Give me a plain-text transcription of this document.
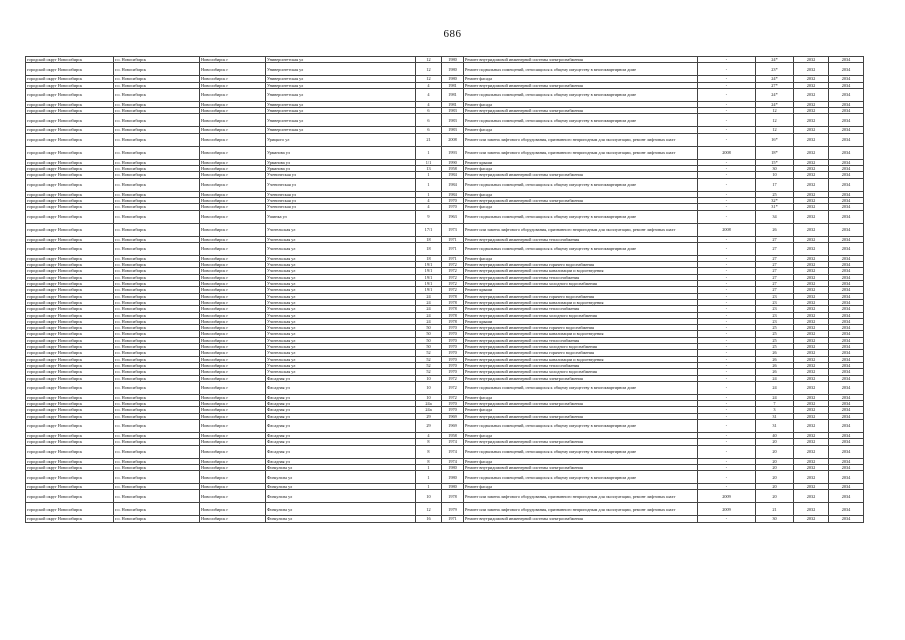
686
городской округ Новосибирск	г.о. Новосибирск	Новосибирск г	Университетская ул	12	1980	Ремонт внутридомовой инженерной системы электроснабжения	-	24*	2032	2034
городской округ Новосибирск	г.о. Новосибирск	Новосибирск г	Университетская ул	12	1980	Ремонт подвальных помещений, относящихся к общему имуществу в многоквартирном доме	-	23*	2032	2034
городской округ Новосибирск	г.о. Новосибирск	Новосибирск г	Университетская ул	12	1980	Ремонт фасада	-	24*	2032	2034
городской округ Новосибирск	г.о. Новосибирск	Новосибирск г	Университетская ул	4	1981	Ремонт внутридомовой инженерной системы электроснабжения	-	27*	2032	2034
городской округ Новосибирск	г.о. Новосибирск	Новосибирск г	Университетская ул	4	1981	Ремонт подвальных помещений, относящихся к общему имуществу в многоквартирном доме	-	24*	2032	2034
городской округ Новосибирск	г.о. Новосибирск	Новосибирск г	Университетская ул	4	1981	Ремонт фасада	-	24*	2032	2034
городской округ Новосибирск	г.о. Новосибирск	Новосибирск г	Университетская ул	6	1983	Ремонт внутридомовой инженерной системы электроснабжения	-	12	2032	2034
городской округ Новосибирск	г.о. Новосибирск	Новосибирск г	Университетская ул	6	1983	Ремонт подвальных помещений, относящихся к общему имуществу в многоквартирном доме	-	12	2032	2034
городской округ Новосибирск	г.о. Новосибирск	Новосибирск г	Университетская ул	6	1983	Ремонт фасада	-	12	2032	2034
городской округ Новосибирск	г.о. Новосибирск	Новосибирск г	Урицкого ул	21	2008	Ремонт или замена лифтового оборудования, признанного непригодным для эксплуатации, ремонт лифтовых шахт	-	16*	2032	2034
городской округ Новосибирск	г.о. Новосибирск	Новосибирск г	Урманова ул	1	1993	Ремонт или замена лифтового оборудования, признанного непригодным для эксплуатации, ремонт лифтовых шахт	2008	18*	2032	2034
городской округ Новосибирск	г.о. Новосибирск	Новосибирск г	Урманова ул	1/1	1990	Ремонт крыши	-	15*	2032	2034
городской округ Новосибирск	г.о. Новосибирск	Новосибирск г	Урманова ул	13	1958	Ремонт фасада	-	30	2032	2034
городской округ Новосибирск	г.о. Новосибирск	Новосибирск г	Ученическая ул	1	1984	Ремонт внутридомовой инженерной системы электроснабжения	-	10	2032	2034
городской округ Новосибирск	г.о. Новосибирск	Новосибирск г	Ученическая ул	1	1984	Ремонт подвальных помещений, относящихся к общему имуществу в многоквартирном доме	-	17	2032	2034
городской округ Новосибирск	г.о. Новосибирск	Новосибирск г	Ученическая ул	1	1984	Ремонт фасада	-	25	2032	2034
городской округ Новосибирск	г.о. Новосибирск	Новосибирск г	Ученическая ул	4	1970	Ремонт внутридомовой инженерной системы электроснабжения	-	32*	2032	2034
городской округ Новосибирск	г.о. Новосибирск	Новосибирск г	Ученическая ул	4	1970	Ремонт фасада	-	31*	2032	2034
городской округ Новосибирск	г.о. Новосибирск	Новосибирск г	Ушинка ул	9	1963	Ремонт подвальных помещений, относящихся к общему имуществу в многоквартирном доме	-	34	2032	2034
городской округ Новосибирск	г.о. Новосибирск	Новосибирск г	Учительская ул	17/1	1973	Ремонт или замена лифтового оборудования, признанного непригодным для эксплуатации, ремонт лифтовых шахт	2008	26	2032	2034
городской округ Новосибирск	г.о. Новосибирск	Новосибирск г	Учительская ул	18	1971	Ремонт внутридомовой инженерной системы теплоснабжения	-	27	2032	2034
городской округ Новосибирск	г.о. Новосибирск	Новосибирск г	Учительская ул	18	1971	Ремонт подвальных помещений, относящихся к общему имуществу в многоквартирном доме	-	27	2032	2034
городской округ Новосибирск	г.о. Новосибирск	Новосибирск г	Учительская ул	18	1971	Ремонт фасада	-	27	2032	2034
городской округ Новосибирск	г.о. Новосибирск	Новосибирск г	Учительская ул	19/1	1972	Ремонт внутридомовой инженерной системы горячего водоснабжения	-	27	2032	2034
городской округ Новосибирск	г.о. Новосибирск	Новосибирск г	Учительская ул	19/1	1972	Ремонт внутридомовой инженерной системы канализации и водоотведения	-	27	2032	2034
городской округ Новосибирск	г.о. Новосибирск	Новосибирск г	Учительская ул	19/1	1972	Ремонт внутридомовой инженерной системы теплоснабжения	-	27	2032	2034
городской округ Новосибирск	г.о. Новосибирск	Новосибирск г	Учительская ул	19/1	1972	Ремонт внутридомовой инженерной системы холодного водоснабжения	-	27	2032	2034
городской округ Новосибирск	г.о. Новосибирск	Новосибирск г	Учительская ул	19/1	1972	Ремонт крыши	-	27	2032	2034
городской округ Новосибирск	г.о. Новосибирск	Новосибирск г	Учительская ул	24	1978	Ремонт внутридомовой инженерной системы горячего водоснабжения	-	23	2032	2034
городской округ Новосибирск	г.о. Новосибирск	Новосибирск г	Учительская ул	24	1978	Ремонт внутридомовой инженерной системы канализации и водоотведения	-	23	2032	2034
городской округ Новосибирск	г.о. Новосибирск	Новосибирск г	Учительская ул	24	1978	Ремонт внутридомовой инженерной системы теплоснабжения	-	23	2032	2034
городской округ Новосибирск	г.о. Новосибирск	Новосибирск г	Учительская ул	24	1978	Ремонт внутридомовой инженерной системы холодного водоснабжения	-	23	2032	2034
городской округ Новосибирск	г.о. Новосибирск	Новосибирск г	Учительская ул	24	1978	Ремонт крыши	-	23	2032	2034
городской округ Новосибирск	г.о. Новосибирск	Новосибирск г	Учительская ул	50	1970	Ремонт внутридомовой инженерной системы горячего водоснабжения	-	25	2032	2034
городской округ Новосибирск	г.о. Новосибирск	Новосибирск г	Учительская ул	50	1970	Ремонт внутридомовой инженерной системы канализации и водоотведения	-	25	2032	2034
городской округ Новосибирск	г.о. Новосибирск	Новосибирск г	Учительская ул	50	1970	Ремонт внутридомовой инженерной системы теплоснабжения	-	25	2032	2034
городской округ Новосибирск	г.о. Новосибирск	Новосибирск г	Учительская ул	50	1970	Ремонт внутридомовой инженерной системы холодного водоснабжения	-	25	2032	2034
городской округ Новосибирск	г.о. Новосибирск	Новосибирск г	Учительская ул	52	1970	Ремонт внутридомовой инженерной системы горячего водоснабжения	-	26	2032	2034
городской округ Новосибирск	г.о. Новосибирск	Новосибирск г	Учительская ул	52	1970	Ремонт внутридомовой инженерной системы канализации и водоотведения	-	26	2032	2034
городской округ Новосибирск	г.о. Новосибирск	Новосибирск г	Учительская ул	52	1970	Ремонт внутридомовой инженерной системы теплоснабжения	-	26	2032	2034
городской округ Новосибирск	г.о. Новосибирск	Новосибирск г	Учительская ул	52	1970	Ремонт внутридомовой инженерной системы холодного водоснабжения	-	26	2032	2034
городской округ Новосибирск	г.о. Новосибирск	Новосибирск г	Фасадная ул	10	1972	Ремонт внутридомовой инженерной системы электроснабжения	-	24	2032	2034
городской округ Новосибирск	г.о. Новосибирск	Новосибирск г	Фасадная ул	10	1972	Ремонт подвальных помещений, относящихся к общему имуществу в многоквартирном доме	-	24	2032	2034
городской округ Новосибирск	г.о. Новосибирск	Новосибирск г	Фасадная ул	10	1972	Ремонт фасада	-	24	2032	2034
городской округ Новосибирск	г.о. Новосибирск	Новосибирск г	Фасадная ул	24а	1970	Ремонт внутридомовой инженерной системы электроснабжения	-	7	2032	2034
городской округ Новосибирск	г.о. Новосибирск	Новосибирск г	Фасадная ул	24а	1970	Ремонт фасада	-	3	2032	2034
городской округ Новосибирск	г.о. Новосибирск	Новосибирск г	Фасадная ул	29	1969	Ремонт внутридомовой инженерной системы электроснабжения	-	31	2032	2034
городской округ Новосибирск	г.о. Новосибирск	Новосибирск г	Фасадная ул	29	1969	Ремонт подвальных помещений, относящихся к общему имуществу в многоквартирном доме	-	31	2032	2034
городской округ Новосибирск	г.о. Новосибирск	Новосибирск г	Фасадная ул	4	1958	Ремонт фасада	-	40	2032	2034
городской округ Новосибирск	г.о. Новосибирск	Новосибирск г	Фасадная ул	8	1974	Ремонт внутридомовой инженерной системы электроснабжения	-	20	2032	2034
городской округ Новосибирск	г.о. Новосибирск	Новосибирск г	Фасадная ул	8	1974	Ремонт подвальных помещений, относящихся к общему имуществу в многоквартирном доме	-	20	2032	2034
городской округ Новосибирск	г.о. Новосибирск	Новосибирск г	Фасадная ул	8	1974	Ремонт фасада	-	20	2032	2034
городской округ Новосибирск	г.о. Новосибирск	Новосибирск г	Физкульты ул	1	1980	Ремонт внутридомовой инженерной системы электроснабжения	-	20	2032	2034
городской округ Новосибирск	г.о. Новосибирск	Новосибирск г	Физкульты ул	1	1980	Ремонт подвальных помещений, относящихся к общему имуществу в многоквартирном доме	-	20	2032	2034
городской округ Новосибирск	г.о. Новосибирск	Новосибирск г	Физкульты ул	1	1980	Ремонт фасада	-	20	2032	2034
городской округ Новосибирск	г.о. Новосибирск	Новосибирск г	Физкульты ул	10	1978	Ремонт или замена лифтового оборудования, признанного непригодным для эксплуатации, ремонт лифтовых шахт	2009	20	2032	2034
городской округ Новосибирск	г.о. Новосибирск	Новосибирск г	Физкульты ул	12	1979	Ремонт или замена лифтового оборудования, признанного непригодным для эксплуатации, ремонт лифтовых шахт	2009	21	2032	2034
городской округ Новосибирск	г.о. Новосибирск	Новосибирск г	Физкульты ул	16	1971	Ремонт внутридомовой инженерной системы электроснабжения	-	30	2032	2034
